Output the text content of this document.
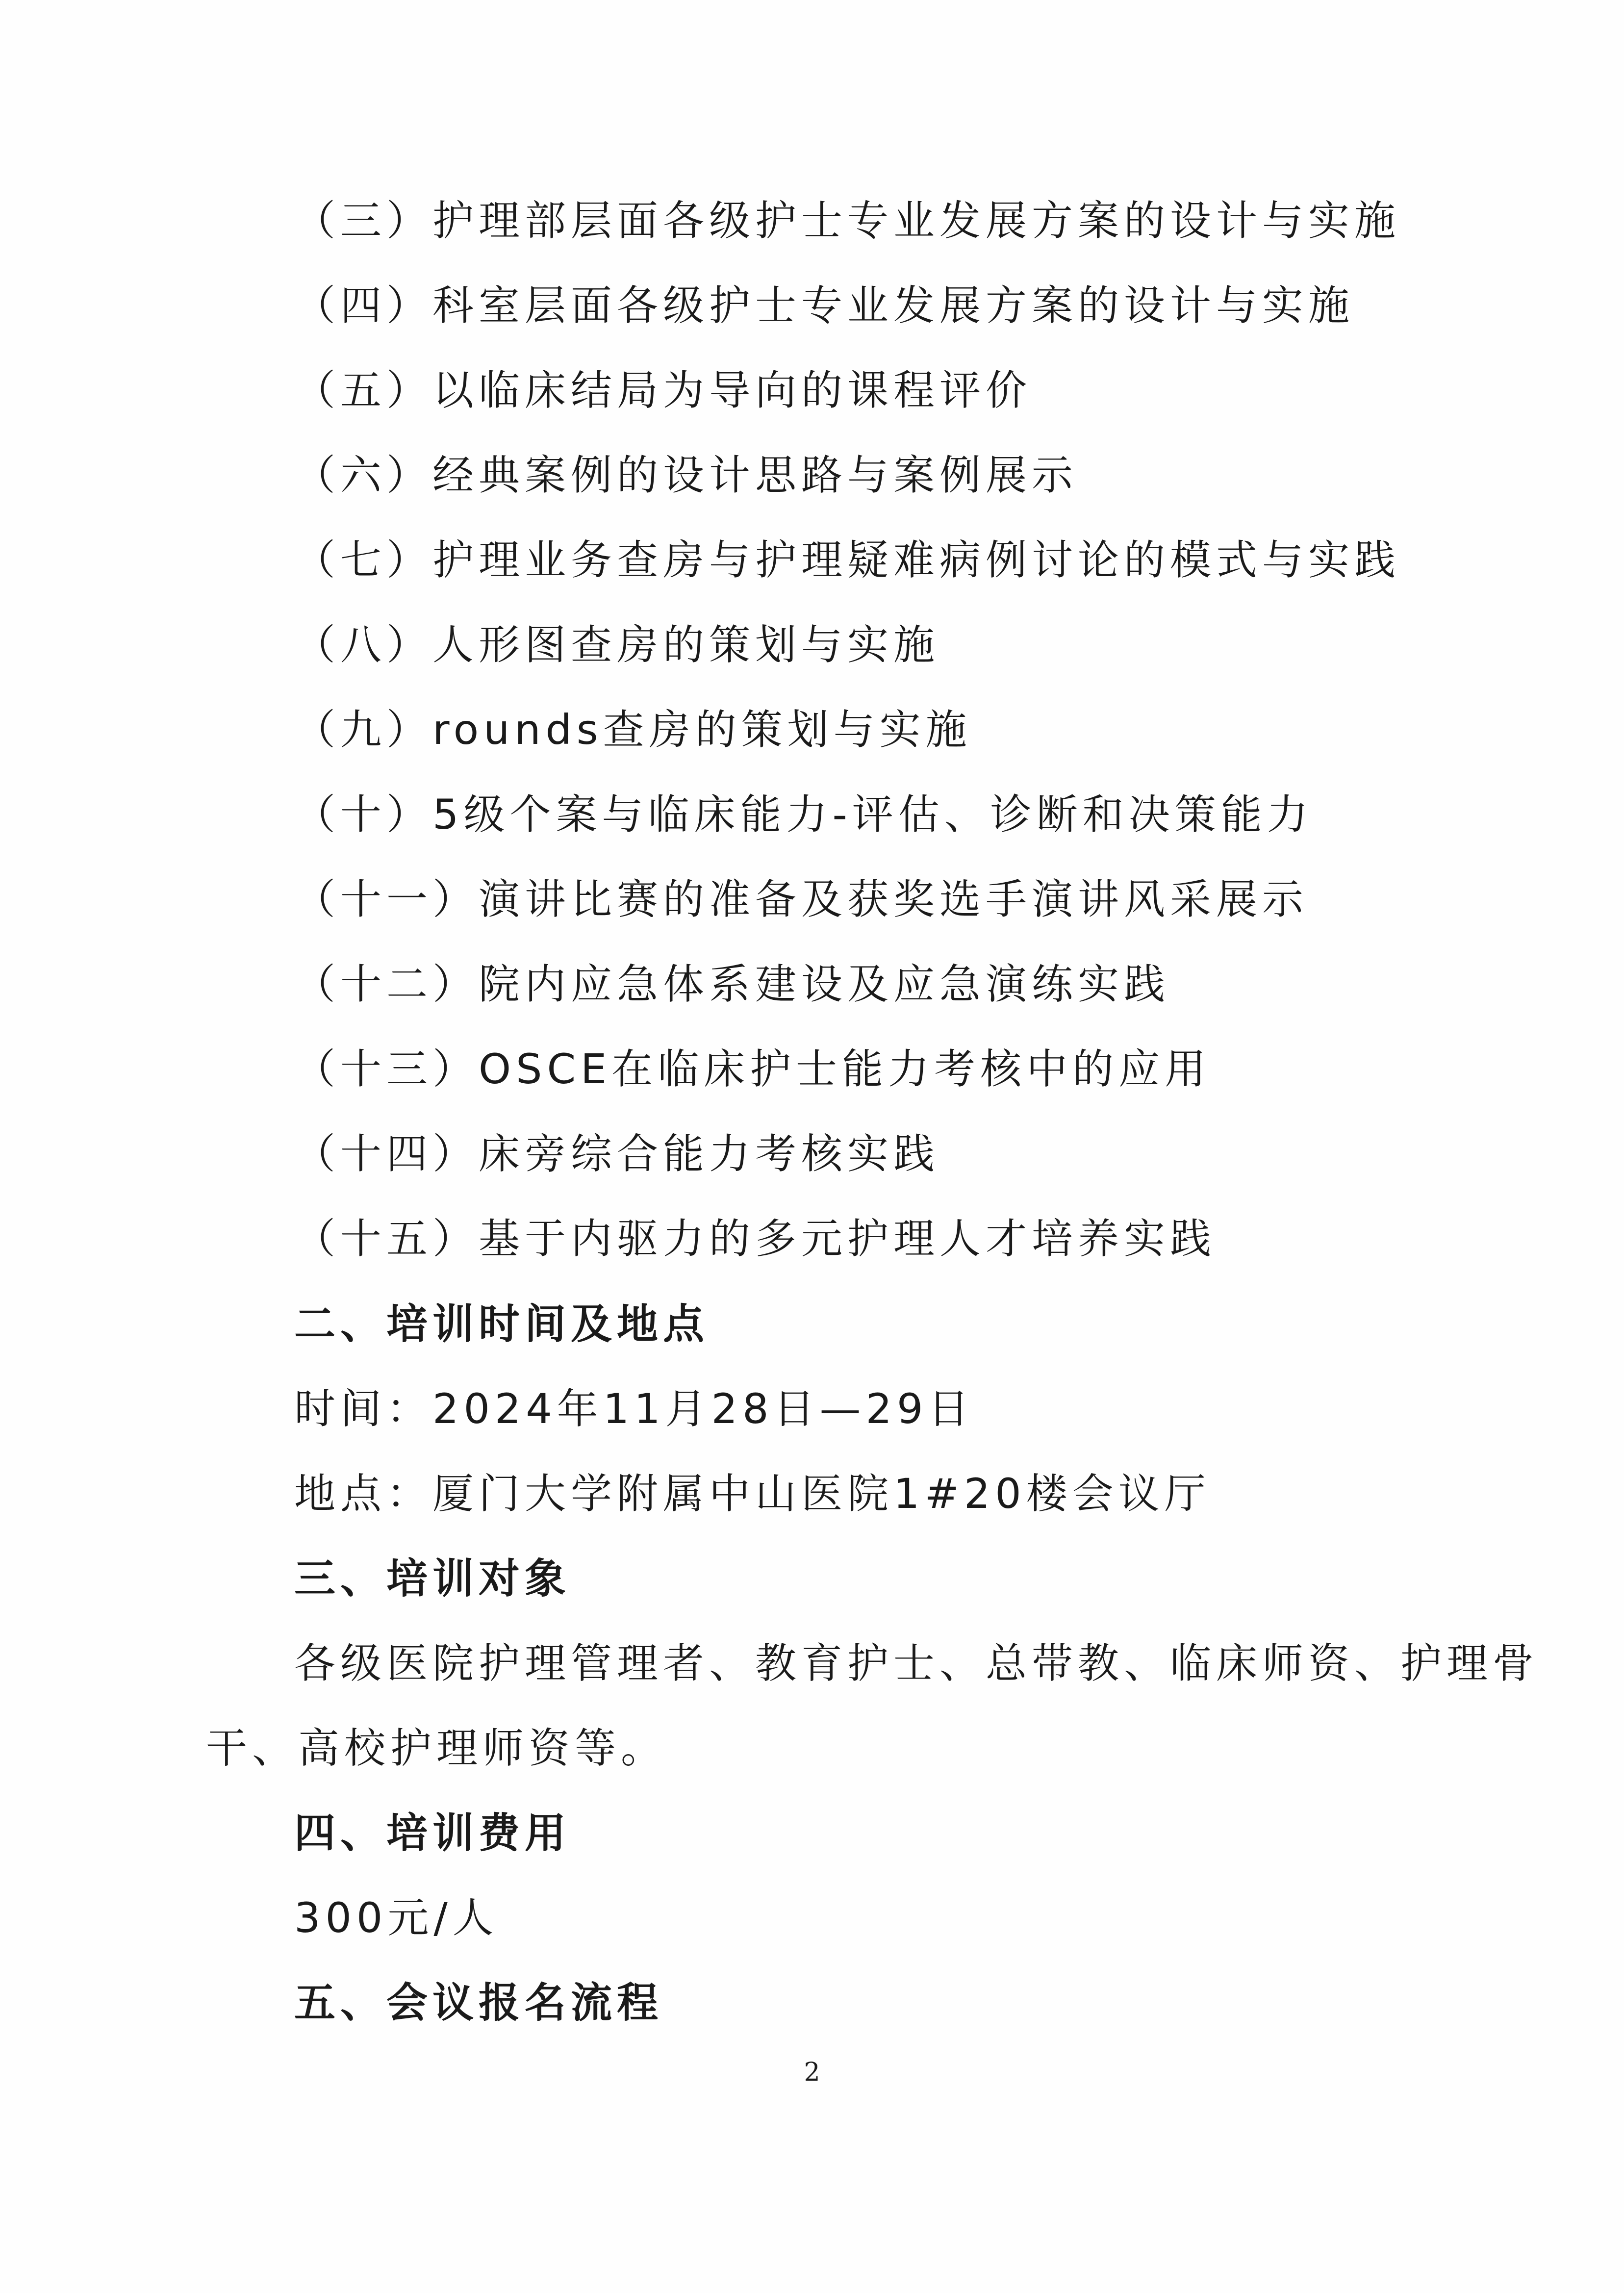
（三）护理部层面各级护士专业发展方案的设计与实施
（四）科室层面各级护士专业发展方案的设计与实施
（五）以临床结局为导向的课程评价
（六）经典案例的设计思路与案例展示
（七）护理业务查房与护理疑难病例讨论的模式与实践
（八）人形图查房的策划与实施
（九）rounds查房的策划与实施
（十）5级个案与临床能力-评估、诊断和决策能力
（十一）演讲比赛的准备及获奖选手演讲风采展示
（十二）院内应急体系建设及应急演练实践
（十三）OSCE在临床护士能力考核中的应用
（十四）床旁综合能力考核实践
（十五）基于内驱力的多元护理人才培养实践
二、培训时间及地点
时间：2024年11月28日—29日
地点：厦门大学附属中山医院1#20楼会议厅
三、培训对象
各级医院护理管理者、教育护士、总带教、临床师资、护理骨
干、高校护理师资等。
四、培训费用
300元/人
五、会议报名流程
2
